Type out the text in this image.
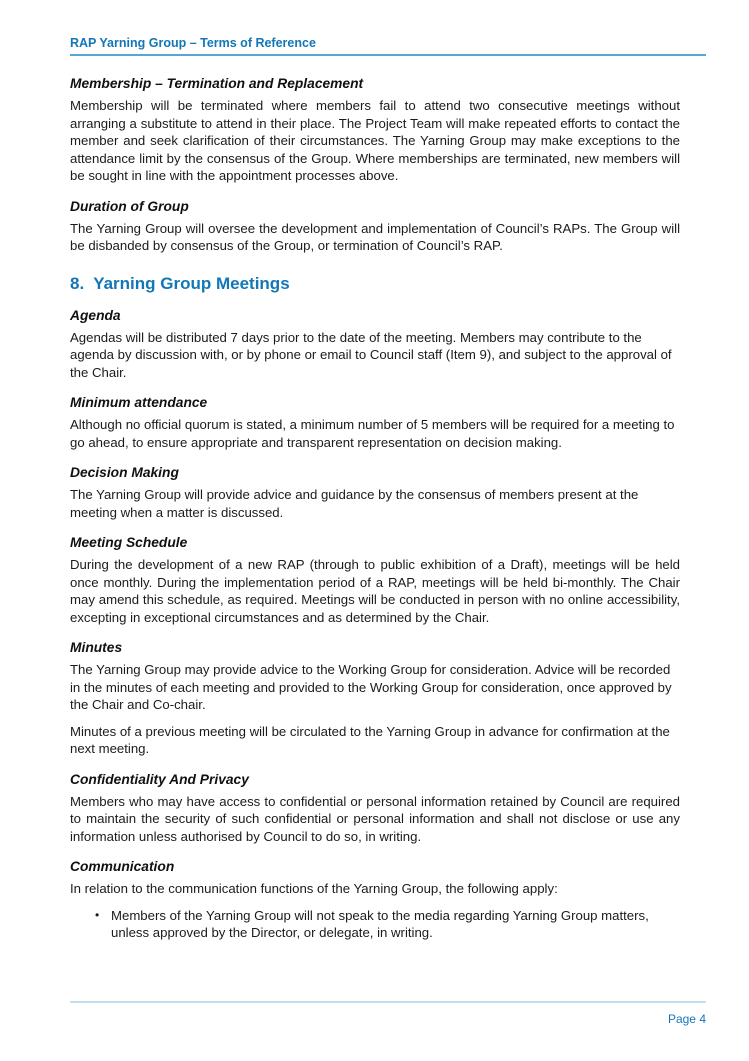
RAP Yarning Group – Terms of Reference
Membership – Termination and Replacement

Membership will be terminated where members fail to attend two consecutive meetings without arranging a substitute to attend in their place. The Project Team will make repeated efforts to contact the member and seek clarification of their circumstances. The Yarning Group may make exceptions to the attendance limit by the consensus of the Group. Where memberships are terminated, new members will be sought in line with the appointment processes above.

Duration of Group

The Yarning Group will oversee the development and implementation of Council’s RAPs. The Group will be disbanded by consensus of the Group, or termination of Council’s RAP.

8. Yarning Group Meetings
Agenda

Agendas will be distributed 7 days prior to the date of the meeting. Members may contribute to the agenda by discussion with, or by phone or email to Council staff (Item 9), and subject to the approval of the Chair.

Minimum attendance

Although no official quorum is stated, a minimum number of 5 members will be required for a meeting to go ahead, to ensure appropriate and transparent representation on decision making.

Decision Making

The Yarning Group will provide advice and guidance by the consensus of members present at the meeting when a matter is discussed.

Meeting Schedule

During the development of a new RAP (through to public exhibition of a Draft), meetings will be held once monthly. During the implementation period of a RAP, meetings will be held bi-monthly. The Chair may amend this schedule, as required. Meetings will be conducted in person with no online accessibility, excepting in exceptional circumstances and as determined by the Chair.

Minutes

The Yarning Group may provide advice to the Working Group for consideration. Advice will be recorded in the minutes of each meeting and provided to the Working Group for consideration, once approved by the Chair and Co-chair.

Minutes of a previous meeting will be circulated to the Yarning Group in advance for confirmation at the next meeting.

Confidentiality And Privacy

Members who may have access to confidential or personal information retained by Council are required to maintain the security of such confidential or personal information and shall not disclose or use any information unless authorised by Council to do so, in writing.

Communication

In relation to the communication functions of the Yarning Group, the following apply:

• Members of the Yarning Group will not speak to the media regarding Yarning Group matters, unless approved by the Director, or delegate, in writing.
Page 4
